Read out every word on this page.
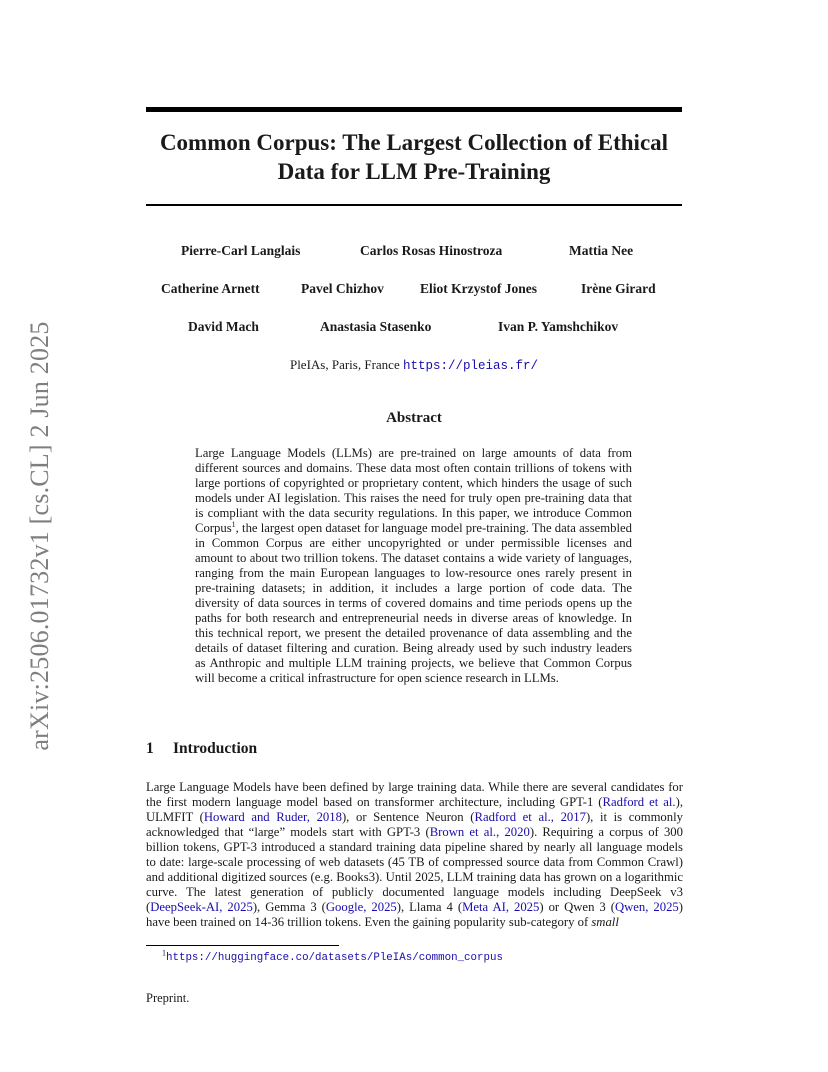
arXiv:2506.01732v1 [cs.CL] 2 Jun 2025
Common Corpus: The Largest Collection of Ethical Data for LLM Pre-Training
Pierre-Carl Langlais	Carlos Rosas Hinostroza	Mattia Nee
Catherine Arnett	Pavel Chizhov	Eliot Krzystof Jones	Irène Girard
David Mach	Anastasia Stasenko	Ivan P. Yamshchikov
PleIAs, Paris, France https://pleias.fr/
Abstract
Large Language Models (LLMs) are pre-trained on large amounts of data from different sources and domains. These data most often contain trillions of tokens with large portions of copyrighted or proprietary content, which hinders the usage of such models under AI legislation. This raises the need for truly open pre-training data that is compliant with the data security regulations. In this paper, we introduce Common Corpus$^1$, the largest open dataset for language model pre-training. The data assembled in Common Corpus are either uncopyrighted or under permissible licenses and amount to about two trillion tokens. The dataset contains a wide variety of languages, ranging from the main European languages to low-resource ones rarely present in pre-training datasets; in addition, it includes a large portion of code data. The diversity of data sources in terms of covered domains and time periods opens up the paths for both research and entrepreneurial needs in diverse areas of knowledge. In this technical report, we present the detailed provenance of data assembling and the details of dataset filtering and curation. Being already used by such industry leaders as Anthropic and multiple LLM training projects, we believe that Common Corpus will become a critical infrastructure for open science research in LLMs.
1 Introduction
Large Language Models have been defined by large training data. While there are several candidates for the first modern language model based on transformer architecture, including GPT-1 (Radford et al.), ULMFIT (Howard and Ruder, 2018), or Sentence Neuron (Radford et al., 2017), it is commonly acknowledged that “large” models start with GPT-3 (Brown et al., 2020). Requiring a corpus of 300 billion tokens, GPT-3 introduced a standard training data pipeline shared by nearly all language models to date: large-scale processing of web datasets (45 TB of compressed source data from Common Crawl) and additional digitized sources (e.g. Books3). Until 2025, LLM training data has grown on a logarithmic curve. The latest generation of publicly documented language models including DeepSeek v3 (DeepSeek-AI, 2025), Gemma 3 (Google, 2025), Llama 4 (Meta AI, 2025) or Qwen 3 (Qwen, 2025) have been trained on 14-36 trillion tokens. Even the gaining popularity sub-category of small
$^1$https://huggingface.co/datasets/PleIAs/common_corpus
Preprint.
